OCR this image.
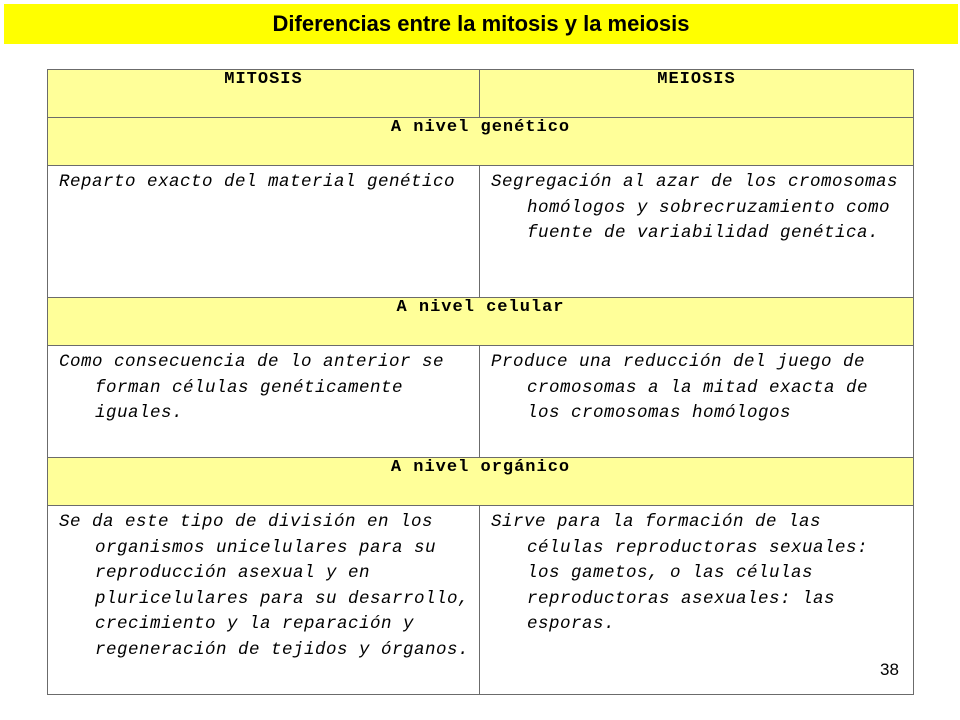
Diferencias entre la mitosis y la meiosis
MITOSIS	MEIOSIS
A nivel genético	
Reparto exacto del material genético	Segregación al azar de los cromosomas homólogos y sobrecruzamiento como fuente de variabilidad genética.
A nivel celular	
Como consecuencia de lo anterior se forman células genéticamente iguales.	Produce una reducción del juego de cromosomas a la mitad exacta de los cromosomas homólogos
A nivel orgánico	
Se da este tipo de división en los organismos unicelulares para su reproducción asexual y en pluricelulares para su desarrollo, crecimiento y la reparación y regeneración de tejidos y órganos.	Sirve para la formación de las células reproductoras sexuales: los gametos, o las células reproductoras asexuales: las esporas.
38
